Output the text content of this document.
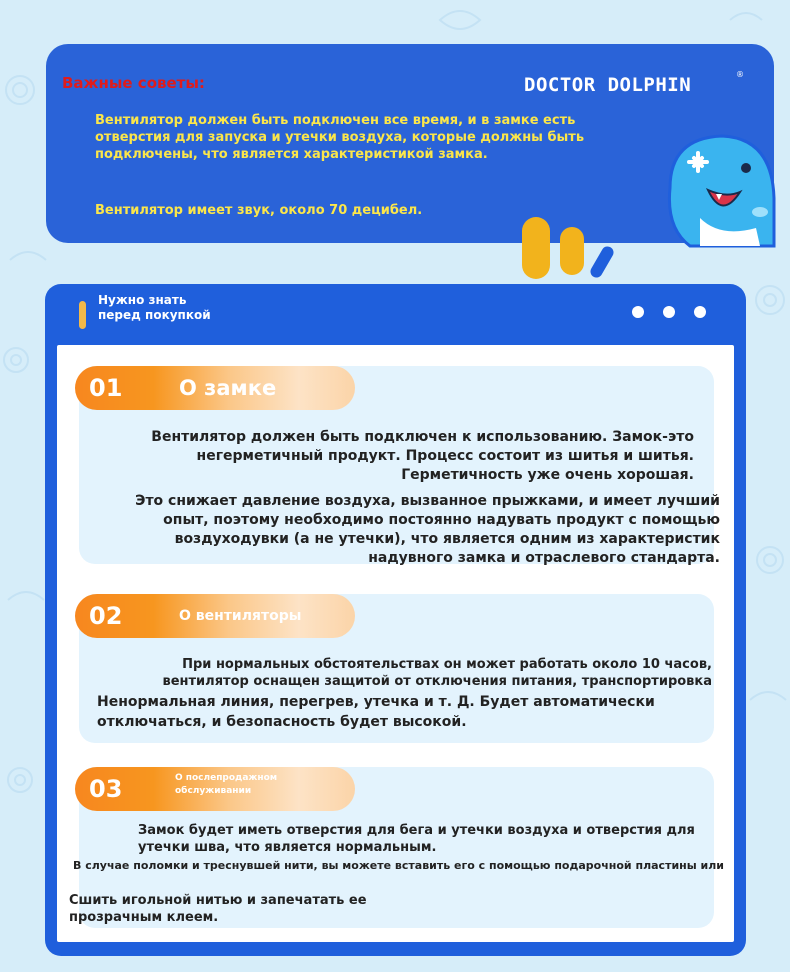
Важные советы:
Вентилятор должен быть подключен все время, и в замке есть отверстия для запуска и утечки воздуха, которые должны быть подключены, что является характеристикой замка.
Вентилятор имеет звук, около 70 децибел.
DOCTOR DOLPHIN	®
Нужно знать перед покупкой
01	О замке
Вентилятор должен быть подключен к использованию. Замок-это негерметичный продукт. Процесс состоит из шитья и шитья. Герметичность уже очень хорошая.
Это снижает давление воздуха, вызванное прыжками, и имеет лучший опыт, поэтому необходимо постоянно надувать продукт с помощью воздуходувки (а не утечки), что является одним из характеристик надувного замка и отраслевого стандарта.
02	О вентиляторы
При нормальных обстоятельствах он может работать около 10 часов, вентилятор оснащен защитой от отключения питания, транспортировка
Ненормальная линия, перегрев, утечка и т. Д. Будет автоматически отключаться, и безопасность будет высокой.
03	О послепродажном обслуживании
Замок будет иметь отверстия для бега и утечки воздуха и отверстия для утечки шва, что является нормальным.
В случае поломки и треснувшей нити, вы можете вставить его с помощью подарочной пластины или
Сшить игольной нитью и запечатать ее прозрачным клеем.
